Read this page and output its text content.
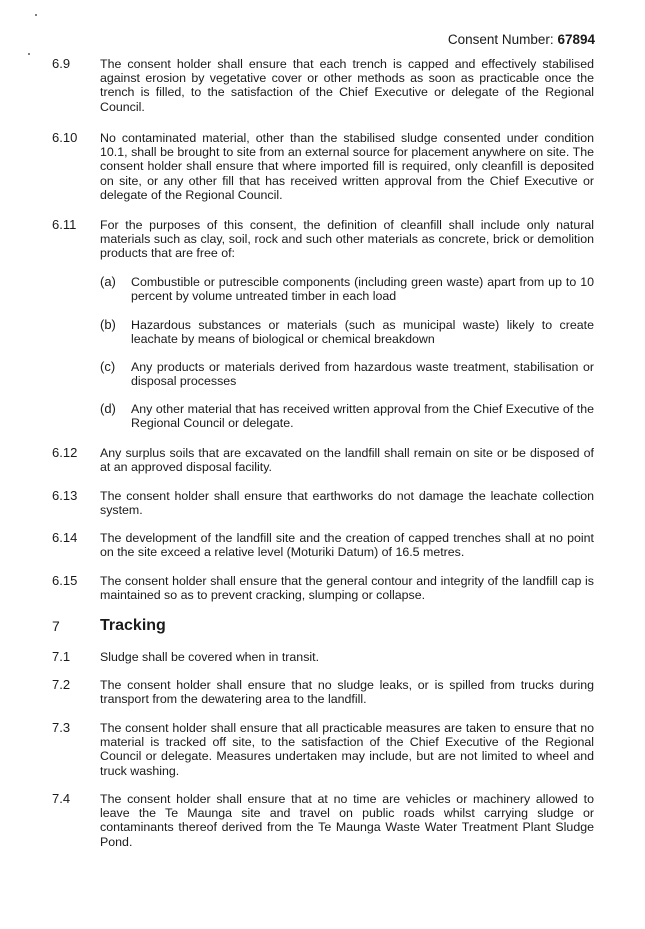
Consent Number: 67894
6.9 The consent holder shall ensure that each trench is capped and effectively stabilised against erosion by vegetative cover or other methods as soon as practicable once the trench is filled, to the satisfaction of the Chief Executive or delegate of the Regional Council.
6.10 No contaminated material, other than the stabilised sludge consented under condition 10.1, shall be brought to site from an external source for placement anywhere on site. The consent holder shall ensure that where imported fill is required, only cleanfill is deposited on site, or any other fill that has received written approval from the Chief Executive or delegate of the Regional Council.
6.11 For the purposes of this consent, the definition of cleanfill shall include only natural materials such as clay, soil, rock and such other materials as concrete, brick or demolition products that are free of:
(a) Combustible or putrescible components (including green waste) apart from up to 10 percent by volume untreated timber in each load
(b) Hazardous substances or materials (such as municipal waste) likely to create leachate by means of biological or chemical breakdown
(c) Any products or materials derived from hazardous waste treatment, stabilisation or disposal processes
(d) Any other material that has received written approval from the Chief Executive of the Regional Council or delegate.
6.12 Any surplus soils that are excavated on the landfill shall remain on site or be disposed of at an approved disposal facility.
6.13 The consent holder shall ensure that earthworks do not damage the leachate collection system.
6.14 The development of the landfill site and the creation of capped trenches shall at no point on the site exceed a relative level (Moturiki Datum) of 16.5 metres.
6.15 The consent holder shall ensure that the general contour and integrity of the landfill cap is maintained so as to prevent cracking, slumping or collapse.
7	Tracking
7.1 Sludge shall be covered when in transit.
7.2 The consent holder shall ensure that no sludge leaks, or is spilled from trucks during transport from the dewatering area to the landfill.
7.3 The consent holder shall ensure that all practicable measures are taken to ensure that no material is tracked off site, to the satisfaction of the Chief Executive of the Regional Council or delegate. Measures undertaken may include, but are not limited to wheel and truck washing.
7.4 The consent holder shall ensure that at no time are vehicles or machinery allowed to leave the Te Maunga site and travel on public roads whilst carrying sludge or contaminants thereof derived from the Te Maunga Waste Water Treatment Plant Sludge Pond.
